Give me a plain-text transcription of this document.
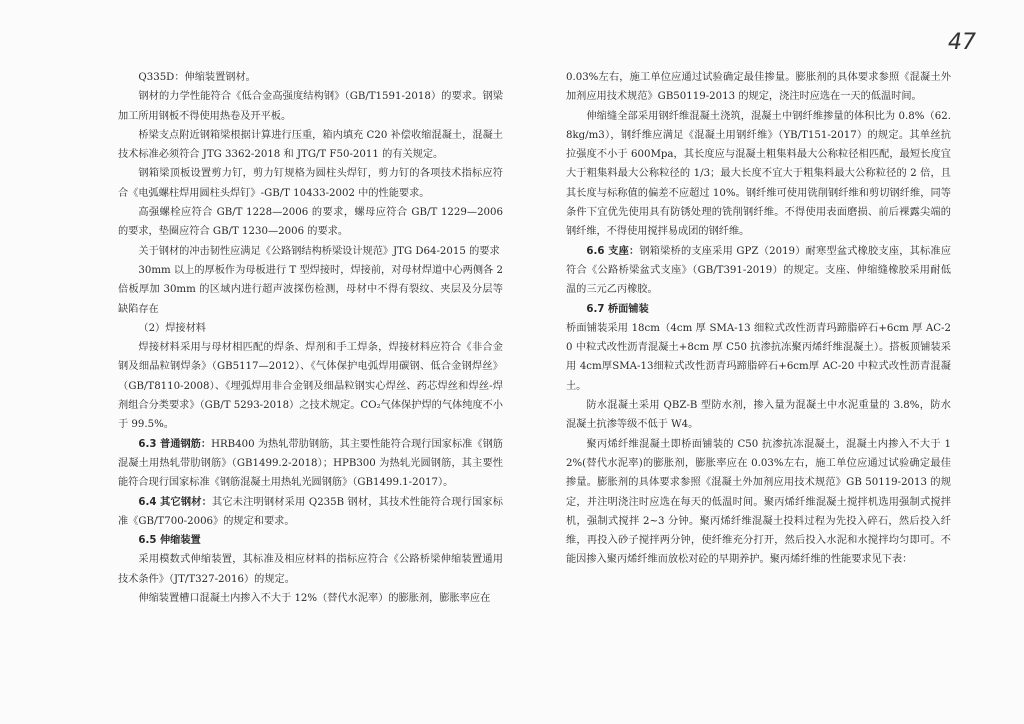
47

Q335D：伸缩装置钢材。

钢材的力学性能符合《低合金高强度结构钢》（GB/T1591-2018）的要求。钢梁加工所用钢板不得使用热卷及开平板。

桥梁支点附近钢箱梁根据计算进行压重，箱内填充 C20 补偿收缩混凝土，混凝土技术标准必须符合 JTG 3362-2018 和 JTG/T F50-2011 的有关规定。

钢箱梁顶板设置剪力钉，剪力钉规格为圆柱头焊钉，剪力钉的各项技术指标应符合《电弧螺柱焊用圆柱头焊钉》-GB/T 10433-2002 中的性能要求。

高强螺栓应符合 GB/T 1228—2006 的要求，螺母应符合 GB/T 1229—2006 的要求，垫圈应符合 GB/T 1230—2006 的要求。

关于钢材的冲击韧性应满足《公路钢结构桥梁设计规范》JTG D64-2015 的要求

30mm 以上的厚板作为母板进行 T 型焊接时，焊接前，对母材焊道中心两侧各 2 倍板厚加 30mm 的区域内进行超声波探伤检测，母材中不得有裂纹、夹层及分层等缺陷存在

（2）焊接材料

焊接材料采用与母材相匹配的焊条、焊剂和手工焊条，焊接材料应符合《非合金钢及细晶粒钢焊条》（GB5117—2012）、《气体保护电弧焊用碳钢、低合金钢焊丝》（GB/T8110-2008）、《埋弧焊用非合金钢及细晶粒钢实心焊丝、药芯焊丝和焊丝-焊剂组合分类要求》（GB/T 5293-2018）之技术规定。CO₂气体保护焊的气体纯度不小于 99.5%。

6.3 普通钢筋：HRB400 为热轧带肋钢筋，其主要性能符合现行国家标准《钢筋混凝土用热轧带肋钢筋》（GB1499.2-2018）；HPB300 为热轧光圆钢筋，其主要性能符合现行国家标准《钢筋混凝土用热轧光圆钢筋》（GB1499.1-2017）。

6.4 其它钢材：其它未注明钢材采用 Q235B 钢材，其技术性能符合现行国家标准《GB/T700-2006》的规定和要求。

6.5 伸缩装置

采用模数式伸缩装置，其标准及相应材料的指标应符合《公路桥梁伸缩装置通用技术条件》（JT/T327-2016）的规定。

伸缩装置槽口混凝土内掺入不大于 12%（替代水泥率）的膨胀剂，膨胀率应在

0.03%左右，施工单位应通过试验确定最佳掺量。膨胀剂的具体要求参照《混凝土外加剂应用技术规范》GB50119-2013 的规定，浇注时应选在一天的低温时间。

伸缩缝全部采用钢纤维混凝土浇筑，混凝土中钢纤维掺量的体积比为 0.8%（62.8kg/m3），钢纤维应满足《混凝土用钢纤维》（YB/T151-2017）的规定。其单丝抗拉强度不小于 600Mpa，其长度应与混凝土粗集料最大公称粒径相匹配，最短长度宜大于粗集料最大公称粒径的 1/3；最大长度不宜大于粗集料最大公称粒径的 2 倍，且其长度与标称值的偏差不应超过 10%。钢纤维可使用铣削钢纤维和剪切钢纤维，同等条件下宜优先使用具有防锈处理的铣削钢纤维。不得使用表面磨损、前后裸露尖端的钢纤维，不得使用搅拌易成团的钢纤维。

6.6 支座：钢箱梁桥的支座采用 GPZ（2019）耐寒型盆式橡胶支座，其标准应符合《公路桥梁盆式支座》（GB/T391-2019）的规定。支座、伸缩缝橡胶采用耐低温的三元乙丙橡胶。

6.7 桥面铺装

桥面铺装采用 18cm（4cm 厚 SMA-13 细粒式改性沥青玛蹄脂碎石+6cm 厚 AC-20 中粒式改性沥青混凝土+8cm 厚 C50 抗渗抗冻聚丙烯纤维混凝土）。搭板顶铺装采用 4cm厚SMA-13细粒式改性沥青玛蹄脂碎石+6cm厚 AC-20 中粒式改性沥青混凝土。

防水混凝土采用 QBZ-B 型防水剂，掺入量为混凝土中水泥重量的 3.8%，防水混凝土抗渗等级不低于 W4。

聚丙烯纤维混凝土即桥面铺装的 C50 抗渗抗冻混凝土，混凝土内掺入不大于 12%(替代水泥率)的膨胀剂，膨胀率应在 0.03%左右，施工单位应通过试验确定最佳掺量。膨胀剂的具体要求参照《混凝土外加剂应用技术规范》GB 50119-2013 的规定，并注明浇注时应选在每天的低温时间。聚丙烯纤维混凝土搅拌机选用强制式搅拌机，强制式搅拌 2~3 分钟。聚丙烯纤维混凝土投料过程为先投入碎石，然后投入纤维，再投入砂子搅拌两分钟，使纤维充分打开，然后投入水泥和水搅拌均匀即可。不能因掺入聚丙烯纤维而放松对砼的早期养护。聚丙烯纤维的性能要求见下表：
